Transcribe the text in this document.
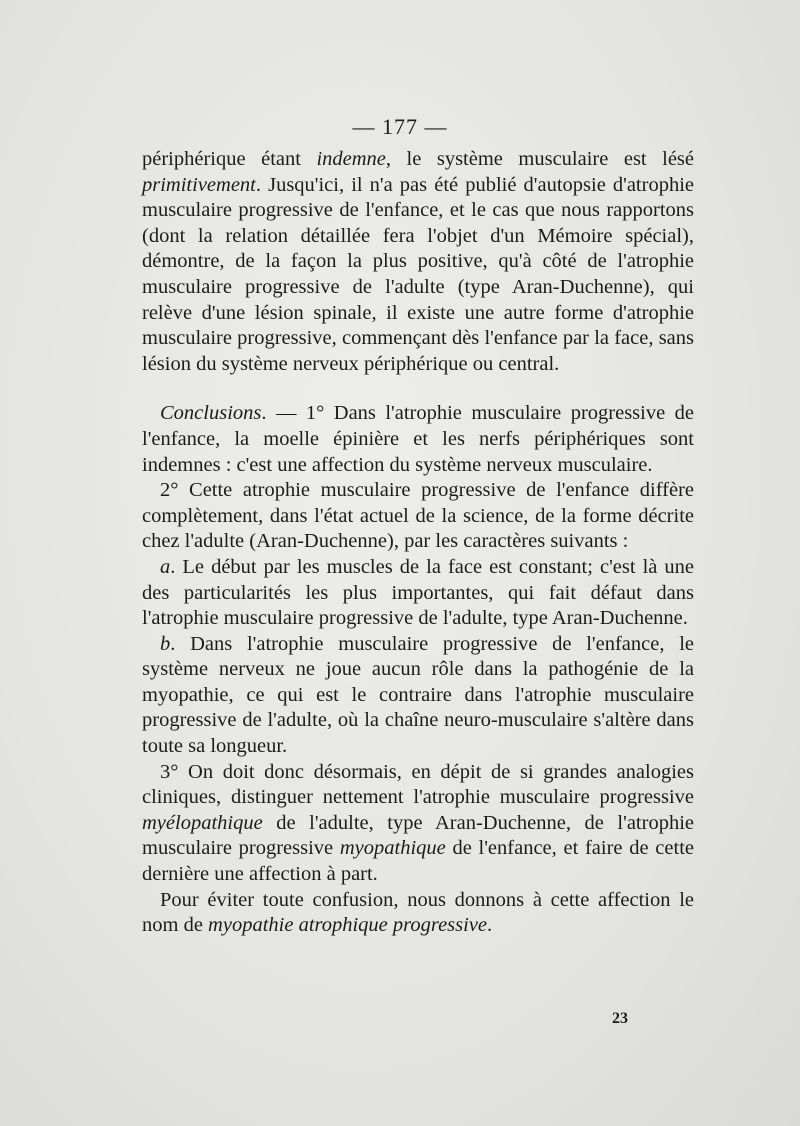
— 177 —

périphérique étant indemne, le système musculaire est lésé primitivement. Jusqu'ici, il n'a pas été publié d'autopsie d'atrophie musculaire progressive de l'enfance, et le cas que nous rapportons (dont la relation détaillée fera l'objet d'un Mémoire spécial), démontre, de la façon la plus positive, qu'à côté de l'atrophie musculaire progressive de l'adulte (type Aran-Duchenne), qui relève d'une lésion spinale, il existe une autre forme d'atrophie musculaire progressive, commençant dès l'enfance par la face, sans lésion du système nerveux périphérique ou central.

Conclusions. — 1° Dans l'atrophie musculaire progressive de l'enfance, la moelle épinière et les nerfs périphériques sont indemnes : c'est une affection du système nerveux musculaire.

2° Cette atrophie musculaire progressive de l'enfance diffère complètement, dans l'état actuel de la science, de la forme décrite chez l'adulte (Aran-Duchenne), par les caractères suivants :

a. Le début par les muscles de la face est constant; c'est là une des particularités les plus importantes, qui fait défaut dans l'atrophie musculaire progressive de l'adulte, type Aran-Duchenne.

b. Dans l'atrophie musculaire progressive de l'enfance, le système nerveux ne joue aucun rôle dans la pathogénie de la myopathie, ce qui est le contraire dans l'atrophie musculaire progressive de l'adulte, où la chaîne neuro-musculaire s'altère dans toute sa longueur.

3° On doit donc désormais, en dépit de si grandes analogies cliniques, distinguer nettement l'atrophie musculaire progressive myélopathique de l'adulte, type Aran-Duchenne, de l'atrophie musculaire progressive myopathique de l'enfance, et faire de cette dernière une affection à part.

Pour éviter toute confusion, nous donnons à cette affection le nom de myopathie atrophique progressive.

23
